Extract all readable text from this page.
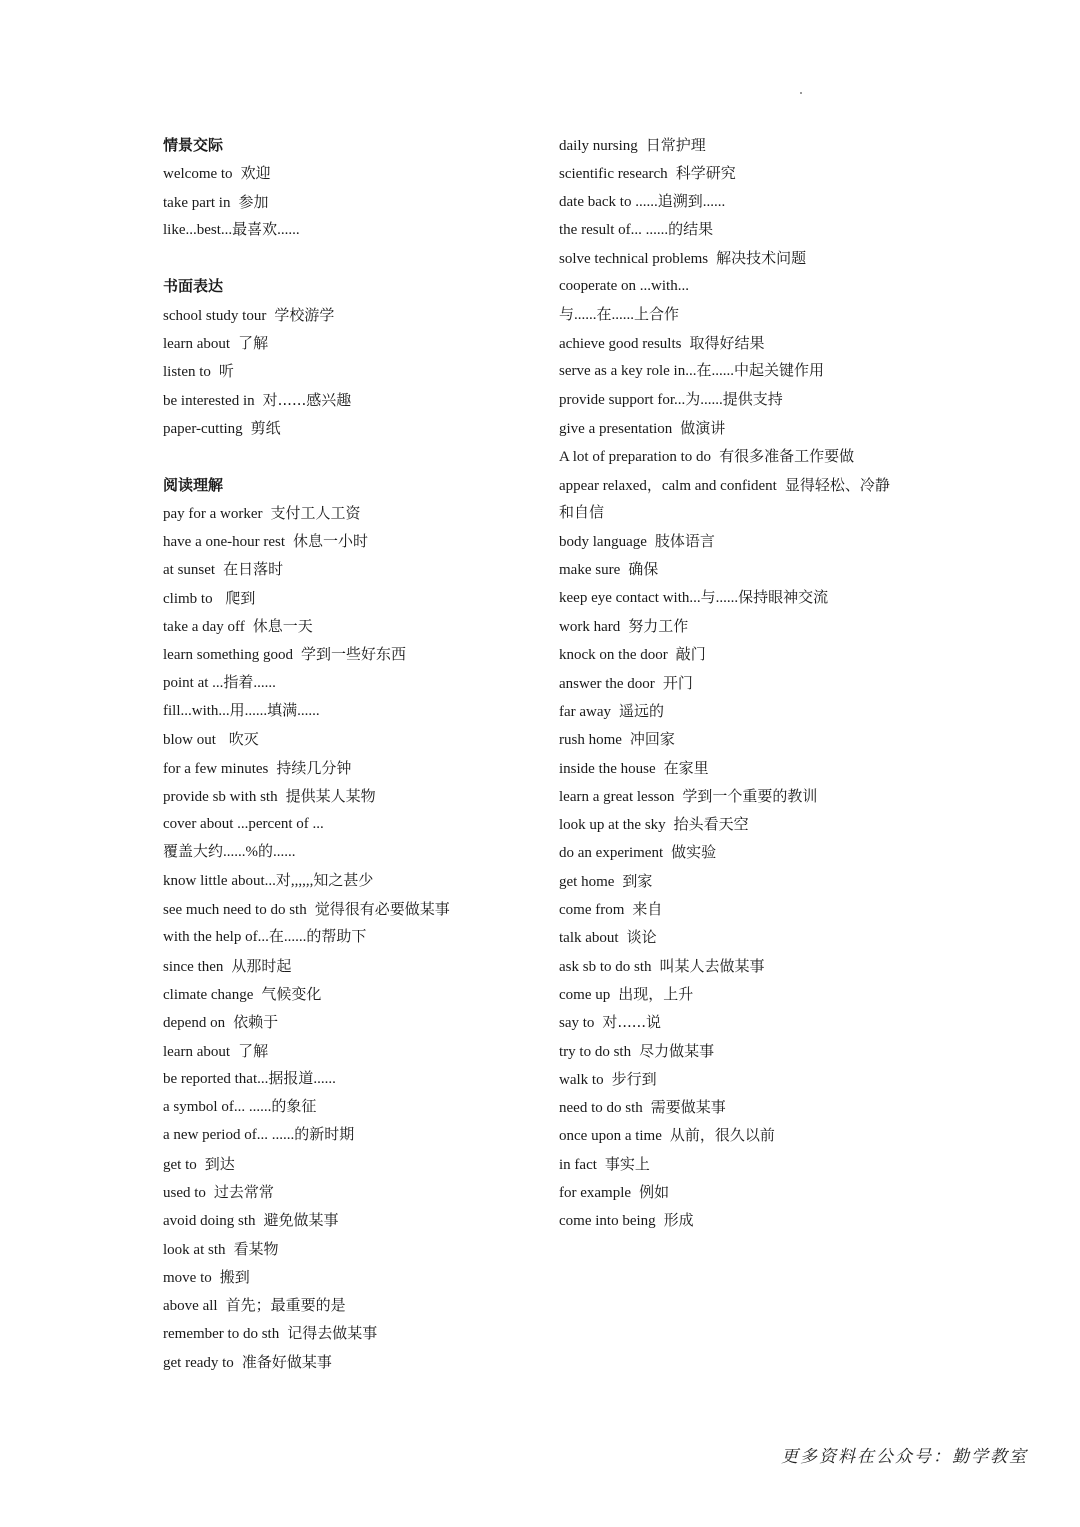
情景交际
welcome to 欢迎
take part in 参加
like...best...最喜欢......
书面表达
school study tour 学校游学
learn about 了解
listen to 听
be interested in 对......感兴趣
paper-cutting 剪纸
阅读理解
pay for a worker 支付工人工资
have a one-hour rest 休息一小时
at sunset 在日落时
climb to 爬到
take a day off 休息一天
learn something good 学到一些好东西
point at ...指着......
fill...with...用......填满......
blow out 吹灭
for a few minutes 持续几分钟
provide sb with sth 提供某人某物
cover about ...percent of ...
覆盖大约......%的......
know little about...对,,,,,,知之甚少
see much need to do sth 觉得很有必要做某事
with the help of...在......的帮助下
since then 从那时起
climate change 气候变化
depend on 依赖于
learn about 了解
be reported that...据报道......
a symbol of... ......的象征
a new period of... ......的新时期
get to 到达
used to 过去常常
avoid doing sth 避免做某事
look at sth 看某物
move to 搬到
above all 首先；最重要的是
remember to do sth 记得去做某事
get ready to 准备好做某事
daily nursing 日常护理
scientific research 科学研究
date back to ......追溯到......
the result of... ......的结果
solve technical problems 解决技术问题
cooperate on ...with...
与......在......上合作
achieve good results 取得好结果
serve as a key role in...在......中起关键作用
provide support for...为......提供支持
give a presentation 做演讲
A lot of preparation to do 有很多准备工作要做
appear relaxed，calm and confident 显得轻松、冷静
和自信
body language 肢体语言
make sure 确保
keep eye contact with...与......保持眼神交流
work hard 努力工作
knock on the door 敲门
answer the door 开门
far away 遥远的
rush home 冲回家
inside the house 在家里
learn a great lesson 学到一个重要的教训
look up at the sky 抬头看天空
do an experiment 做实验
get home 到家
come from 来自
talk about 谈论
ask sb to do sth 叫某人去做某事
come up 出现，上升
say to 对......说
try to do sth 尽力做某事
walk to 步行到
need to do sth 需要做某事
once upon a time 从前，很久以前
in fact 事实上
for example 例如
come into being 形成
更多资料在公众号：勤学教室
